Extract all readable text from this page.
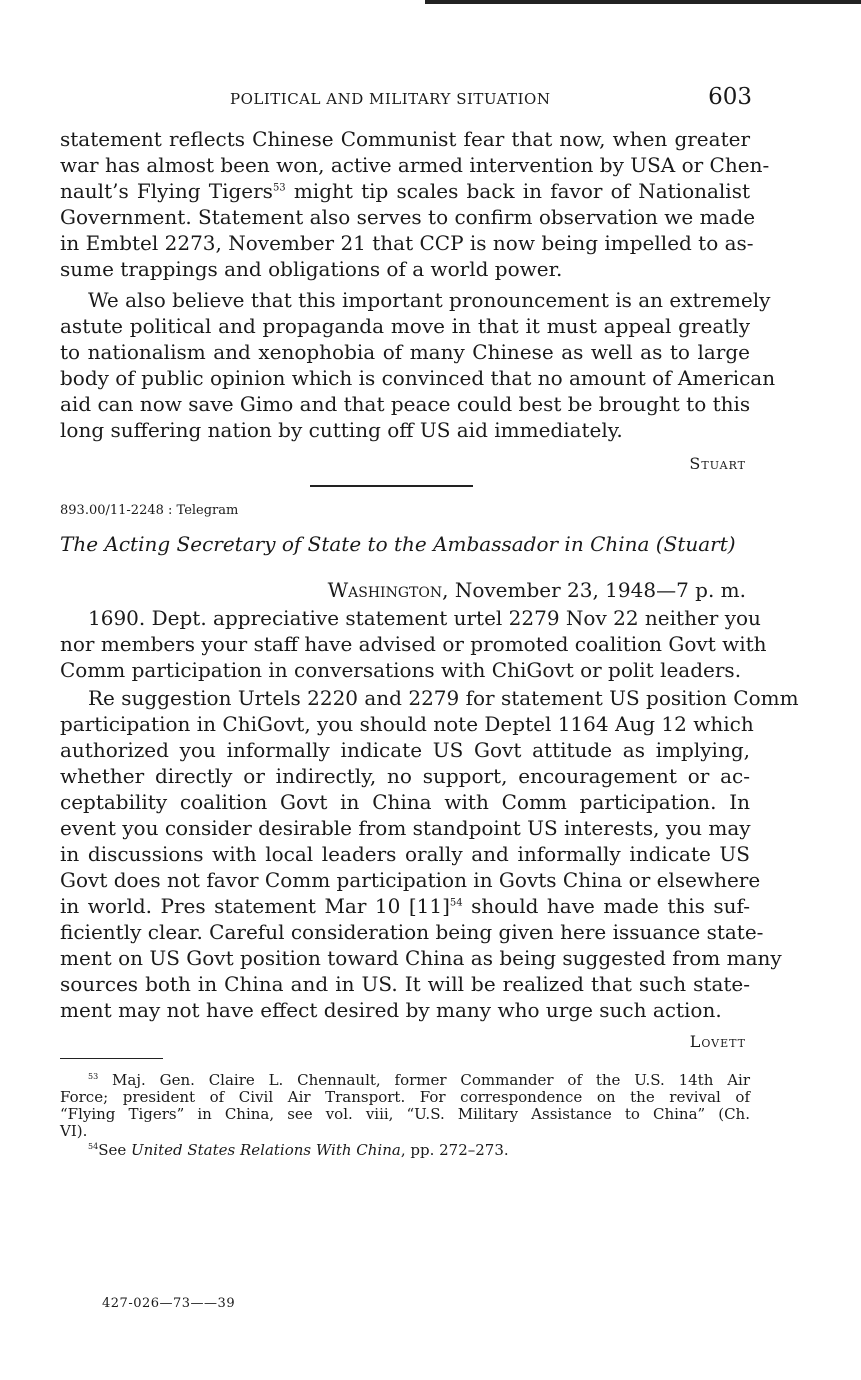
POLITICAL AND MILITARY SITUATION	603
statement reflects Chinese Communist fear that now, when greater
war has almost been won, active armed intervention by USA or Chen-
nault’s Flying Tigers$^{53}$ might tip scales back in favor of Nationalist
Government. Statement also serves to confirm observation we made
in Embtel 2273, November 21 that CCP is now being impelled to as-
sume trappings and obligations of a world power.
We also believe that this important pronouncement is an extremely
astute political and propaganda move in that it must appeal greatly
to nationalism and xenophobia of many Chinese as well as to large
body of public opinion which is convinced that no amount of American
aid can now save Gimo and that peace could best be brought to this
long suffering nation by cutting off US aid immediately.
Stuart
893.00/11-2248 : Telegram
The Acting Secretary of State to the Ambassador in China (Stuart)
Washington, November 23, 1948—7 p. m.
1690. Dept. appreciative statement urtel 2279 Nov 22 neither you
nor members your staff have advised or promoted coalition Govt with
Comm participation in conversations with ChiGovt or polit leaders.
Re suggestion Urtels 2220 and 2279 for statement US position Comm
participation in ChiGovt, you should note Deptel 1164 Aug 12 which
authorized you informally indicate US Govt attitude as implying,
whether directly or indirectly, no support, encouragement or ac-
ceptability coalition Govt in China with Comm participation. In
event you consider desirable from standpoint US interests, you may
in discussions with local leaders orally and informally indicate US
Govt does not favor Comm participation in Govts China or elsewhere
in world. Pres statement Mar 10 $[11]^{54}$ should have made this suf-
ficiently clear. Careful consideration being given here issuance state-
ment on US Govt position toward China as being suggested from many
sources both in China and in US. It will be realized that such state-
ment may not have effect desired by many who urge such action.
Lovett
$^{53}$ Maj. Gen. Claire L. Chennault, former Commander of the U.S. 14th Air
Force; president of Civil Air Transport. For correspondence on the revival of
“Flying Tigers” in China, see vol. viii, “U.S. Military Assistance to China” (Ch.
VI).
$^{54}$See United States Relations With China, pp. 272–273.
427-026—73——39
